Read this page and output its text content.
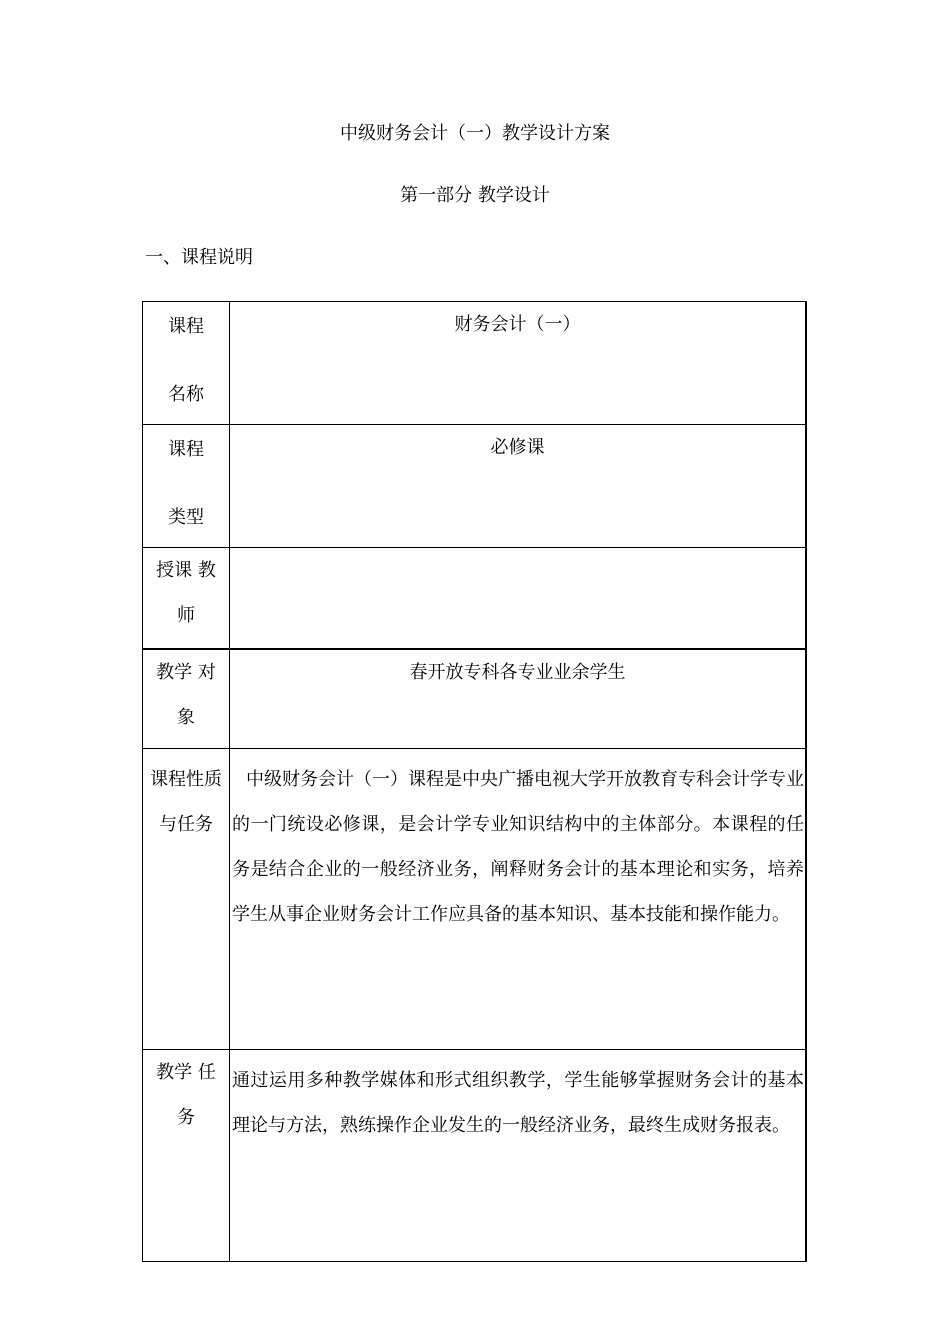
中级财务会计（一）教学设计方案
第一部分 教学设计
一、课程说明
课程

名称	财务会计（一）

课程

类型	必修课

授课 教
师	

教学 对
象	春开放专科各专业业余学生

课程性质
与任务	中级财务会计（一）课程是中央广播电视大学开放教育专科会计学专业的一门统设必修课，是会计学专业知识结构中的主体部分。本课程的任务是结合企业的一般经济业务，阐释财务会计的基本理论和实务，培养学生从事企业财务会计工作应具备的基本知识、基本技能和操作能力。

教学 任
务	通过运用多种教学媒体和形式组织教学，学生能够掌握财务会计的基本理论与方法，熟练操作企业发生的一般经济业务，最终生成财务报表。
